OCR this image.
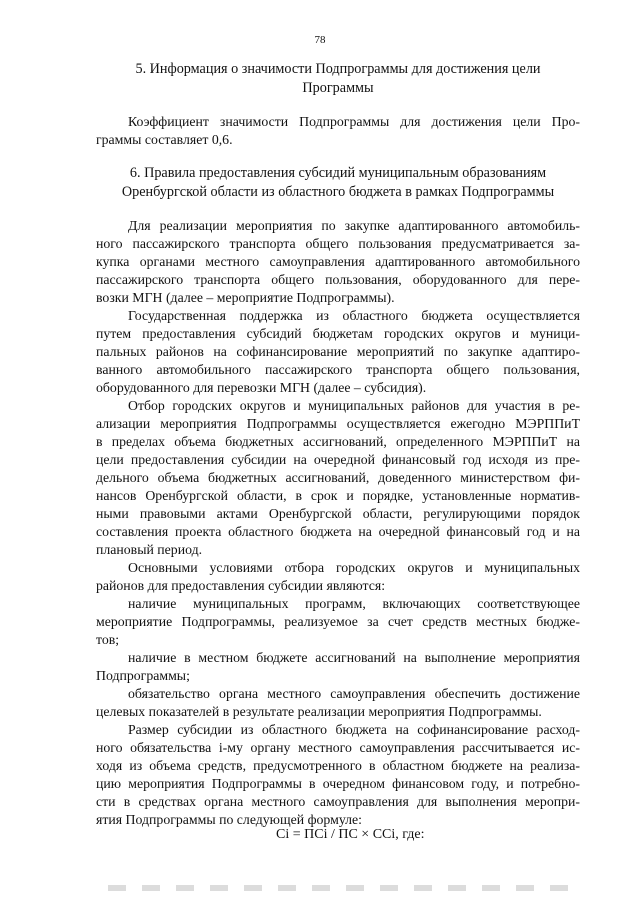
78
5. Информация о значимости Подпрограммы для достижения цели
Программы
Коэффициент значимости Подпрограммы для достижения цели Про-
граммы составляет 0,6.
6. Правила предоставления субсидий муниципальным образованиям
Оренбургской области из областного бюджета в рамках Подпрограммы
Для реализации мероприятия по закупке адаптированного автомобиль-
ного пассажирского транспорта общего пользования предусматривается за-
купка органами местного самоуправления адаптированного автомобильного
пассажирского транспорта общего пользования, оборудованного для пере-
возки МГН (далее – мероприятие Подпрограммы).
Государственная поддержка из областного бюджета осуществляется
путем предоставления субсидий бюджетам городских округов и муници-
пальных районов на софинансирование мероприятий по закупке адаптиро-
ванного автомобильного пассажирского транспорта общего пользования,
оборудованного для перевозки МГН (далее – субсидия).
Отбор городских округов и муниципальных районов для участия в ре-
ализации мероприятия Подпрограммы осуществляется ежегодно МЭРППиТ
в пределах объема бюджетных ассигнований, определенного МЭРППиТ на
цели предоставления субсидии на очередной финансовый год исходя из пре-
дельного объема бюджетных ассигнований, доведенного министерством фи-
нансов Оренбургской области, в срок и порядке, установленные норматив-
ными правовыми актами Оренбургской области, регулирующими порядок
составления проекта областного бюджета на очередной финансовый год и на
плановый период.
Основными условиями отбора городских округов и муниципальных
районов для предоставления субсидии являются:
наличие муниципальных программ, включающих соответствующее
мероприятие Подпрограммы, реализуемое за счет средств местных бюдже-
тов;
наличие в местном бюджете ассигнований на выполнение мероприятия
Подпрограммы;
обязательство органа местного самоуправления обеспечить достижение
целевых показателей в результате реализации мероприятия Подпрограммы.
Размер субсидии из областного бюджета на софинансирование расход-
ного обязательства i-му органу местного самоуправления рассчитывается ис-
ходя из объема средств, предусмотренного в областном бюджете на реализа-
цию мероприятия Подпрограммы в очередном финансовом году, и потребно-
сти в средствах органа местного самоуправления для выполнения меропри-
ятия Подпрограммы по следующей формуле:
Ci = ПСi / ПС × ССi, где:
